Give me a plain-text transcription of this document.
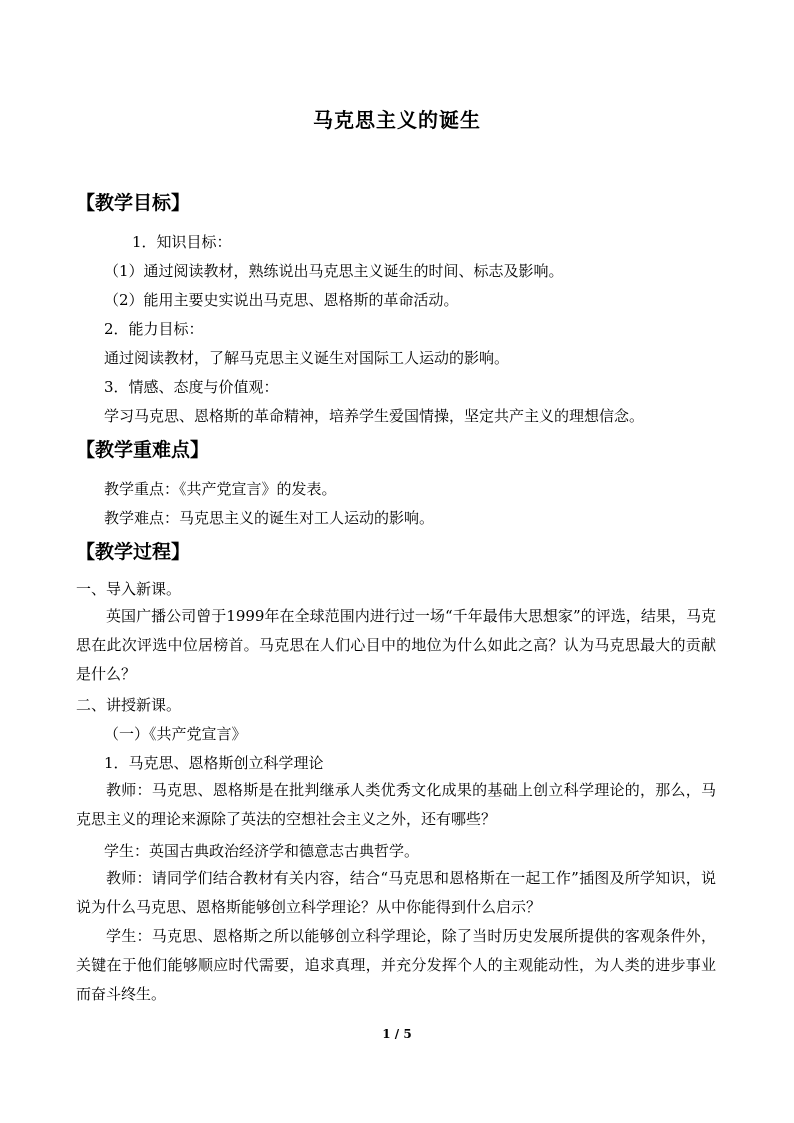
马克思主义的诞生
【教学目标】
1．知识目标：
（1）通过阅读教材，熟练说出马克思主义诞生的时间、标志及影响。
（2）能用主要史实说出马克思、恩格斯的革命活动。
2．能力目标：
通过阅读教材，了解马克思主义诞生对国际工人运动的影响。
3．情感、态度与价值观：
学习马克思、恩格斯的革命精神，培养学生爱国情操，坚定共产主义的理想信念。
【教学重难点】
教学重点：《共产党宣言》的发表。
教学难点：马克思主义的诞生对工人运动的影响。
【教学过程】
一、导入新课。
英国广播公司曾于1999年在全球范围内进行过一场“千年最伟大思想家”的评选，结果，马克思在此次评选中位居榜首。马克思在人们心目中的地位为什么如此之高？认为马克思最大的贡献是什么？
二、讲授新课。
（一）《共产党宣言》
1．马克思、恩格斯创立科学理论
教师：马克思、恩格斯是在批判继承人类优秀文化成果的基础上创立科学理论的，那么，马克思主义的理论来源除了英法的空想社会主义之外，还有哪些？
学生：英国古典政治经济学和德意志古典哲学。
教师：请同学们结合教材有关内容，结合“马克思和恩格斯在一起工作”插图及所学知识，说说为什么马克思、恩格斯能够创立科学理论？从中你能得到什么启示？
学生：马克思、恩格斯之所以能够创立科学理论，除了当时历史发展所提供的客观条件外，关键在于他们能够顺应时代需要，追求真理，并充分发挥个人的主观能动性，为人类的进步事业而奋斗终生。
1 / 5
